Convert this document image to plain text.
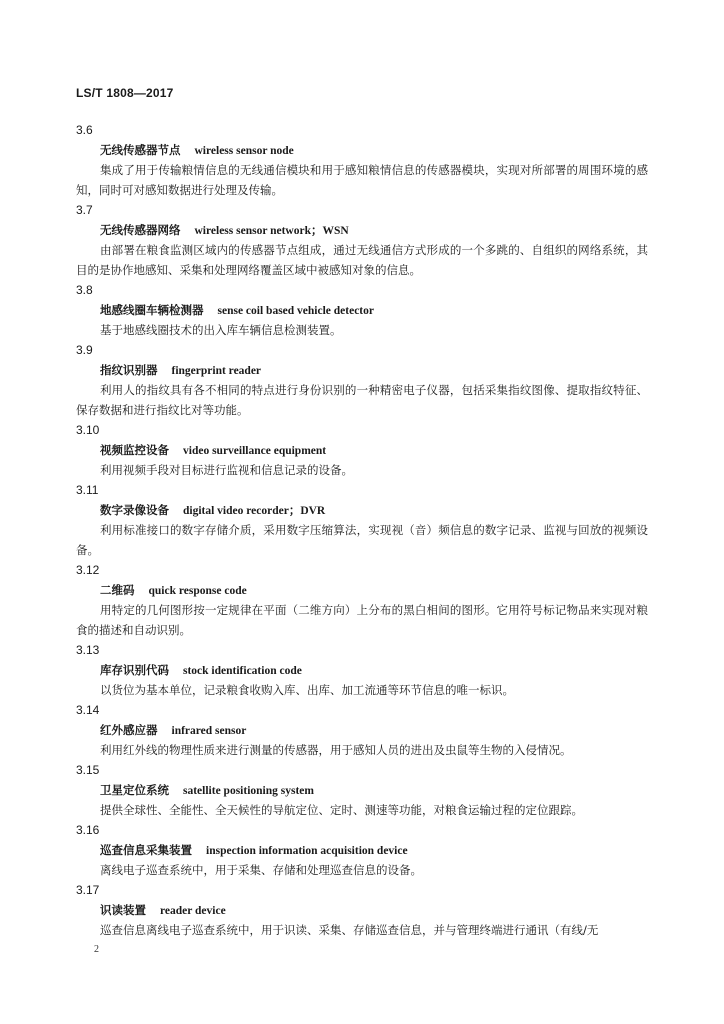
LS/T 1808—2017
3.6
无线传感器节点 wireless sensor node

集成了用于传输粮情信息的无线通信模块和用于感知粮情信息的传感器模块，实现对所部署的周围环境的感知，同时可对感知数据进行处理及传输。

3.7
无线传感器网络 wireless sensor network；WSN

由部署在粮食监测区域内的传感器节点组成，通过无线通信方式形成的一个多跳的、自组织的网络系统，其目的是协作地感知、采集和处理网络覆盖区域中被感知对象的信息。

3.8
地感线圈车辆检测器 sense coil based vehicle detector

基于地感线圈技术的出入库车辆信息检测装置。

3.9
指纹识别器 fingerprint reader

利用人的指纹具有各不相同的特点进行身份识别的一种精密电子仪器，包括采集指纹图像、提取指纹特征、保存数据和进行指纹比对等功能。

3.10
视频监控设备 video surveillance equipment

利用视频手段对目标进行监视和信息记录的设备。

3.11
数字录像设备 digital video recorder；DVR

利用标准接口的数字存储介质，采用数字压缩算法，实现视（音）频信息的数字记录、监视与回放的视频设备。

3.12
二维码 quick response code

用特定的几何图形按一定规律在平面（二维方向）上分布的黑白相间的图形。它用符号标记物品来实现对粮食的描述和自动识别。

3.13
库存识别代码 stock identification code

以货位为基本单位，记录粮食收购入库、出库、加工流通等环节信息的唯一标识。

3.14
红外感应器 infrared sensor

利用红外线的物理性质来进行测量的传感器，用于感知人员的进出及虫鼠等生物的入侵情况。

3.15
卫星定位系统 satellite positioning system

提供全球性、全能性、全天候性的导航定位、定时、测速等功能，对粮食运输过程的定位跟踪。

3.16
巡查信息采集装置 inspection information acquisition device

离线电子巡查系统中，用于采集、存储和处理巡查信息的设备。

3.17
识读装置 reader device

巡查信息离线电子巡查系统中，用于识读、采集、存储巡查信息，并与管理终端进行通讯（有线/无

2
